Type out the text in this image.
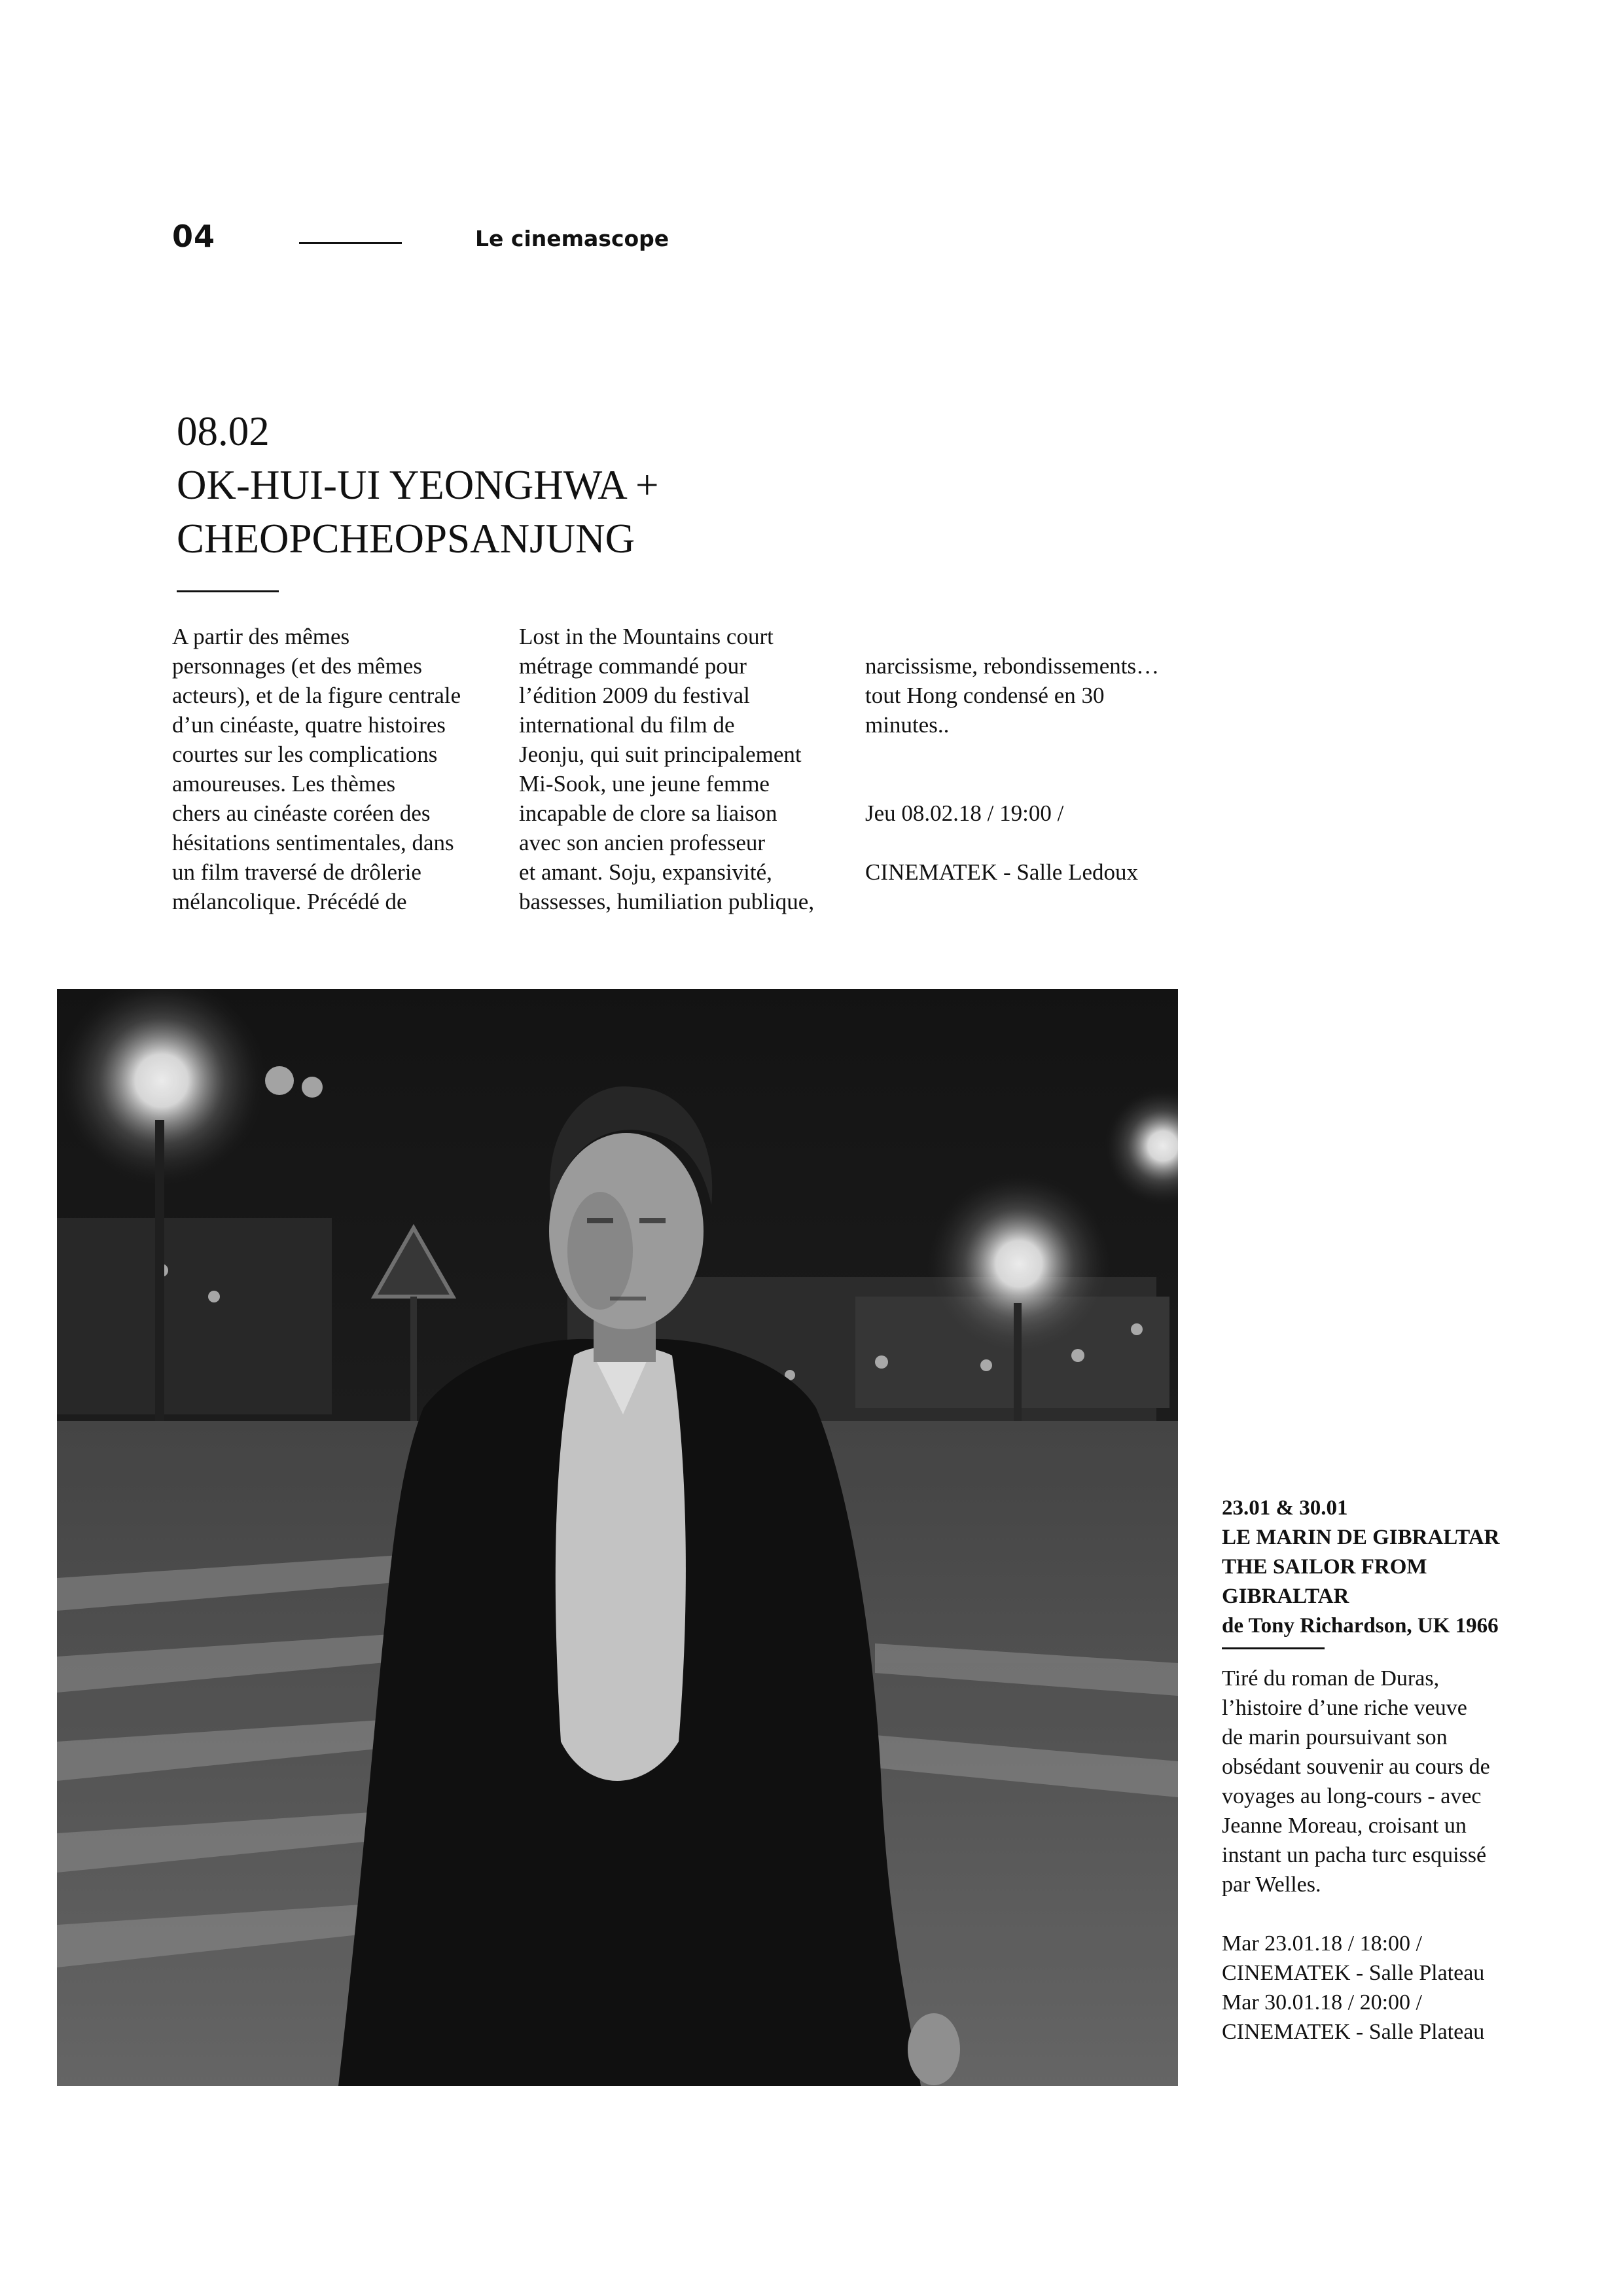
04	Le cinemascope
08.02
OK-HUI-UI YEONGHWA +
CHEOPCHEOPSANJUNG

A partir des mêmes
personnages (et des mêmes
acteurs), et de la figure centrale
d’un cinéaste, quatre histoires
courtes sur les complications
amoureuses. Les thèmes
chers au cinéaste coréen des
hésitations sentimentales, dans
un film traversé de drôlerie
mélancolique. Précédé de

Lost in the Mountains court
métrage commandé pour
l’édition 2009 du festival
international du film de
Jeonju, qui suit principalement
Mi-Sook, une jeune femme
incapable de clore sa liaison
avec son ancien professeur
et amant. Soju, expansivité,
bassesses, humiliation publique,

narcissisme, rebondissements…
tout Hong condensé en 30
minutes..

Jeu 08.02.18 / 19:00 /

CINEMATEK - Salle Ledoux

23.01 & 30.01
LE MARIN DE GIBRALTAR
THE SAILOR FROM
GIBRALTAR
de Tony Richardson, UK 1966

Tiré du roman de Duras,
l’histoire d’une riche veuve
de marin poursuivant son
obsédant souvenir au cours de
voyages au long-cours - avec
Jeanne Moreau, croisant un
instant un pacha turc esquissé
par Welles.

Mar 23.01.18 / 18:00 /
CINEMATEK - Salle Plateau
Mar 30.01.18 / 20:00 /
CINEMATEK - Salle Plateau
